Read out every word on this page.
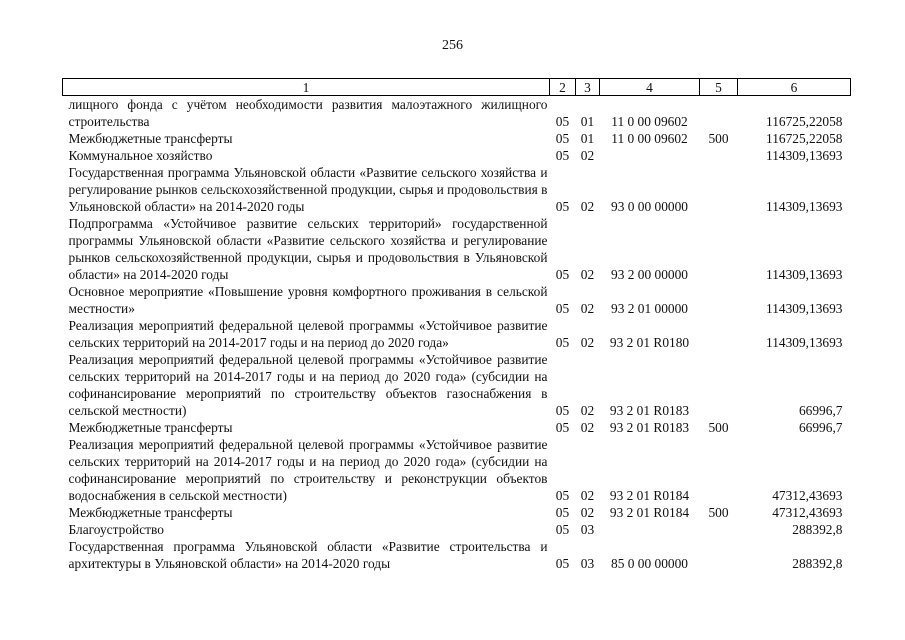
256
1	2	3	4	5	6
лищного фонда с учётом необходимости развития малоэтажного жилищного строительства	05	01	11 0 00 09602		116725,22058
Межбюджетные трансферты	05	01	11 0 00 09602	500	116725,22058
Коммунальное хозяйство	05	02			114309,13693
Государственная программа Ульяновской области «Развитие сельского хозяйства и регулирование рынков сельскохозяйственной продукции, сырья и продовольствия в Ульяновской области» на 2014-2020 годы	05	02	93 0 00 00000		114309,13693
Подпрограмма «Устойчивое развитие сельских территорий» государственной программы Ульяновской области «Развитие сельского хозяйства и регулирование рынков сельскохозяйственной продукции, сырья и продовольствия в Ульяновской области» на 2014-2020 годы	05	02	93 2 00 00000		114309,13693
Основное мероприятие «Повышение уровня комфортного проживания в сельской местности»	05	02	93 2 01 00000		114309,13693
Реализация мероприятий федеральной целевой программы «Устойчивое развитие сельских территорий на 2014-2017 годы и на период до 2020 года»	05	02	93 2 01 R0180		114309,13693
Реализация мероприятий федеральной целевой программы «Устойчивое развитие сельских территорий на 2014-2017 годы и на период до 2020 года» (субсидии на софинансирование мероприятий по строительству объектов газоснабжения в сельской местности)	05	02	93 2 01 R0183		66996,7
Межбюджетные трансферты	05	02	93 2 01 R0183	500	66996,7
Реализация мероприятий федеральной целевой программы «Устойчивое развитие сельских территорий на 2014-2017 годы и на период до 2020 года» (субсидии на софинансирование мероприятий по строительству и реконструкции объектов водоснабжения в сельской местности)	05	02	93 2 01 R0184		47312,43693
Межбюджетные трансферты	05	02	93 2 01 R0184	500	47312,43693
Благоустройство	05	03			288392,8
Государственная программа Ульяновской области «Развитие строительства и архитектуры в Ульяновской области» на 2014-2020 годы	05	03	85 0 00 00000		288392,8
